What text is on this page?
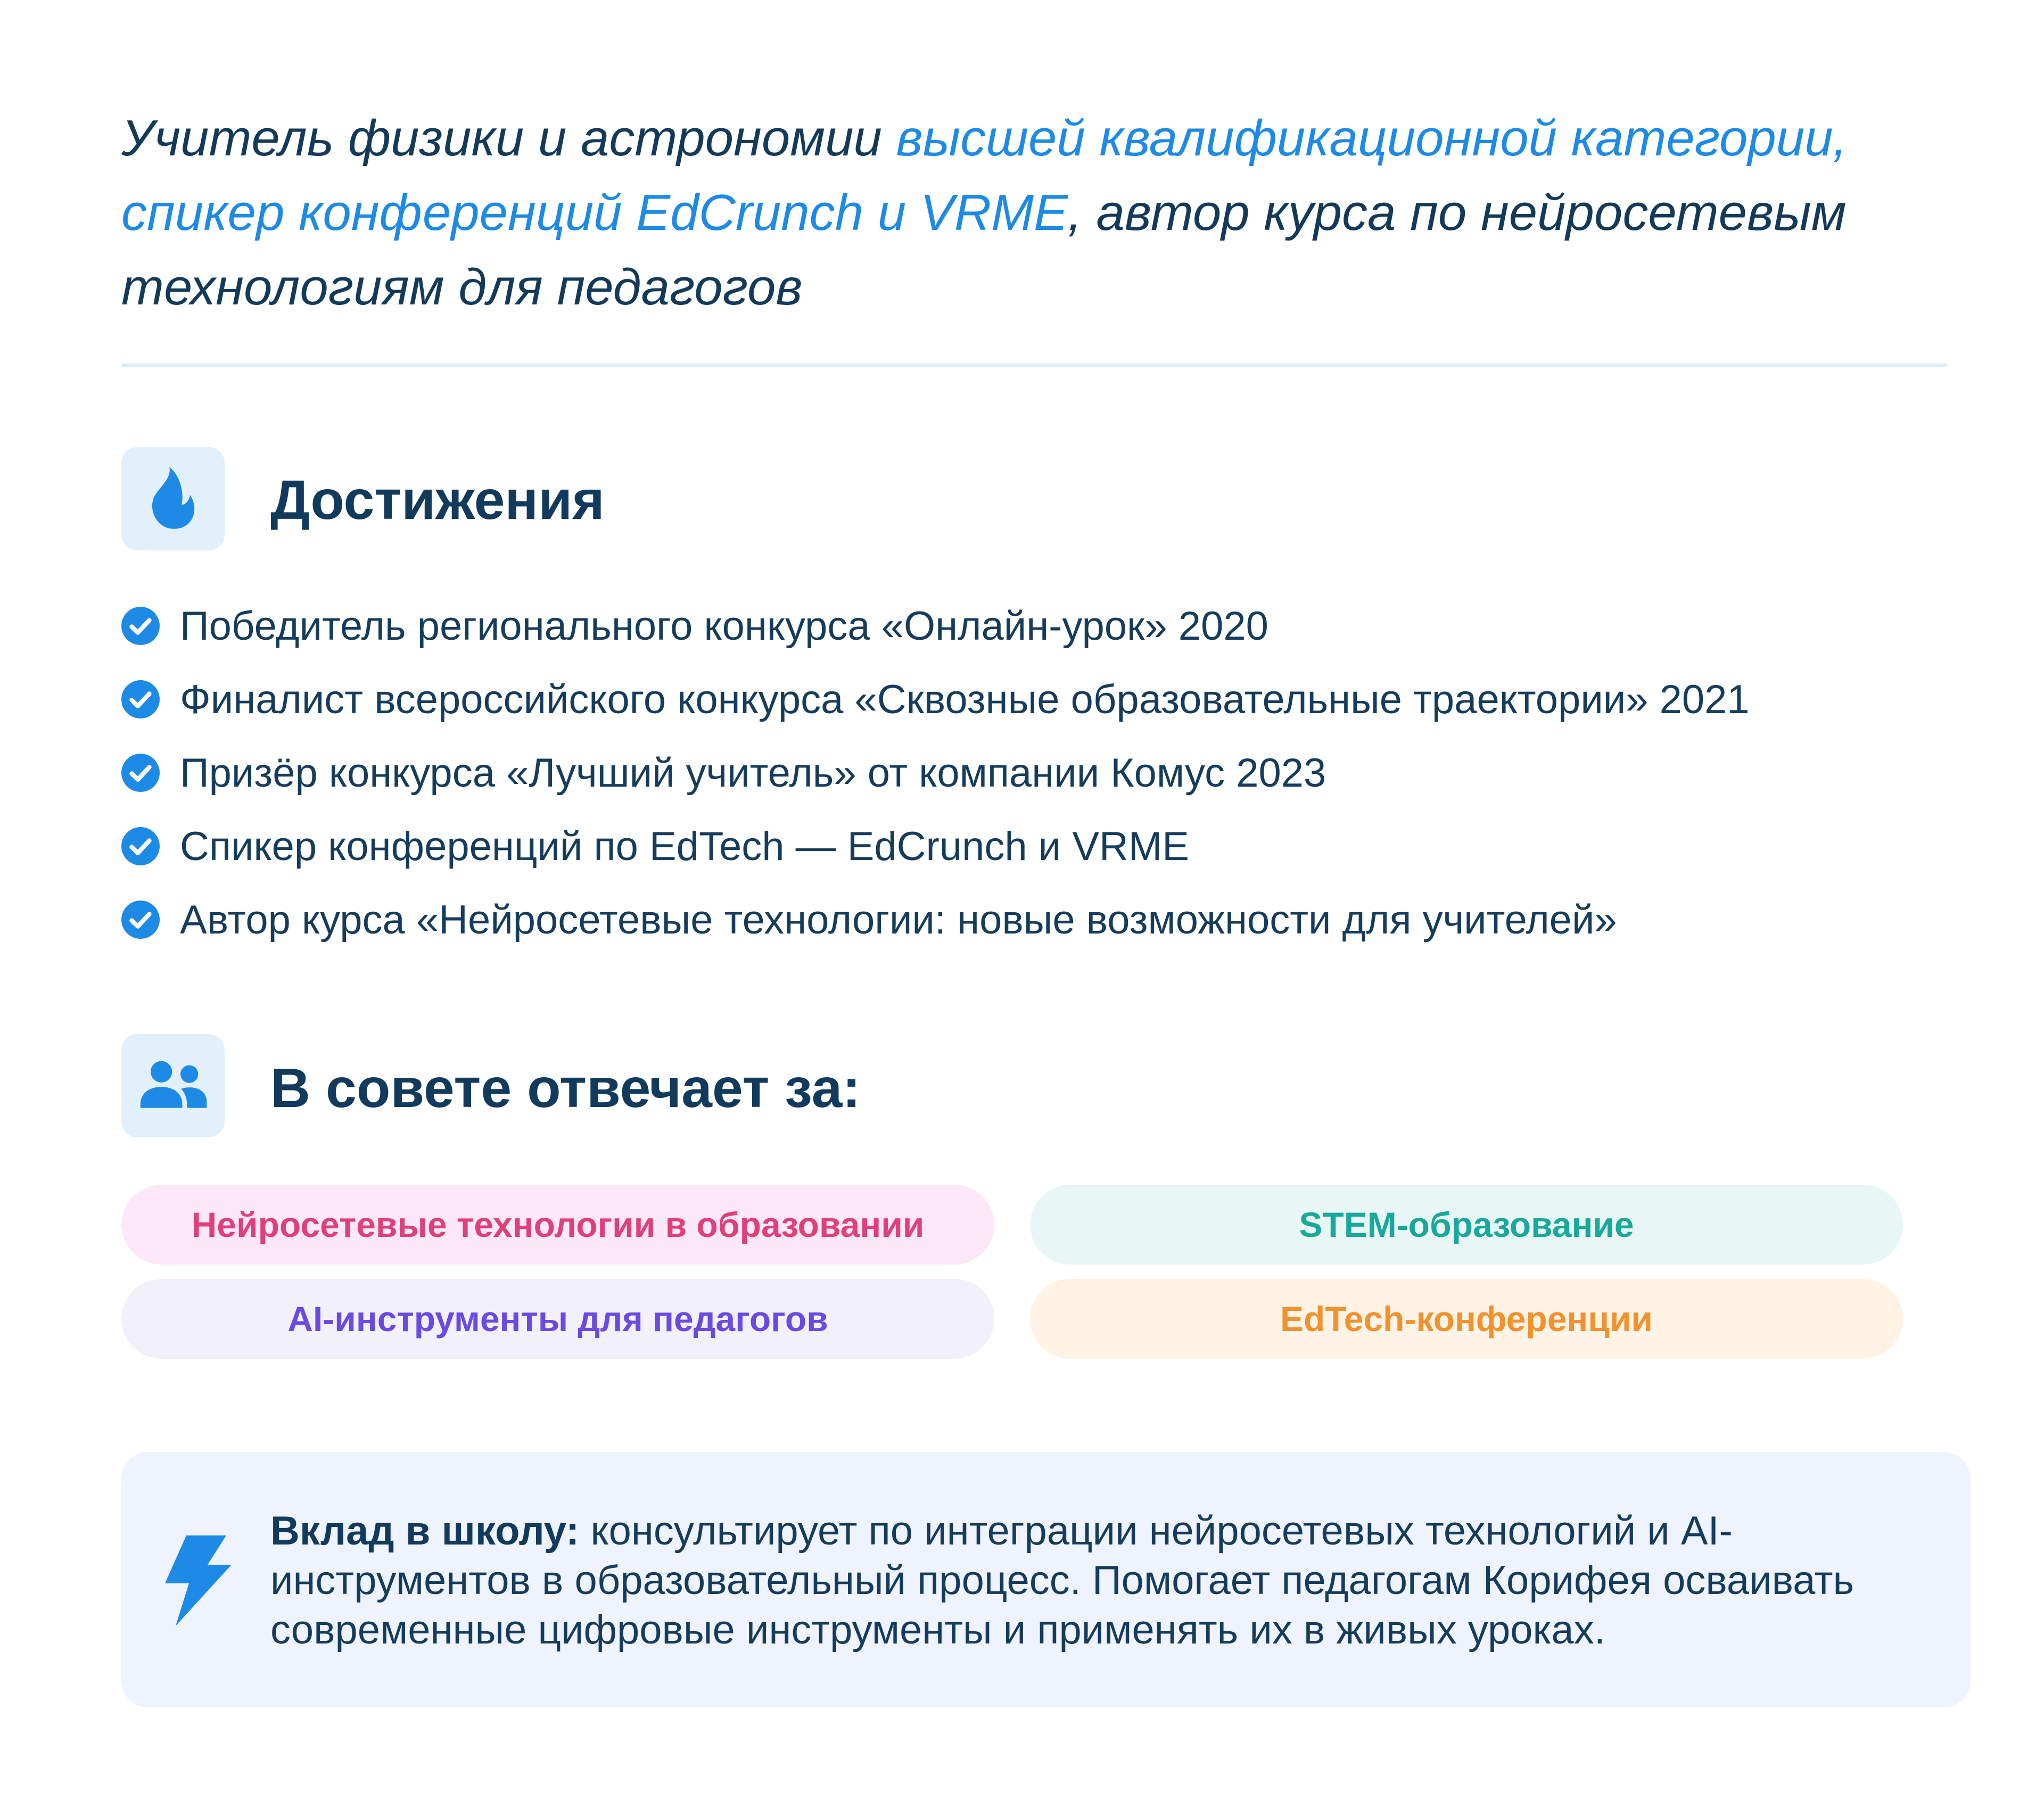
Учитель физики и астрономии высшей квалификационной категории, спикер конференций EdCrunch и VRME, автор курса по нейросетевым технологиям для педагогов
Достижения
Победитель регионального конкурса «Онлайн-урок» 2020
Финалист всероссийского конкурса «Сквозные образовательные траектории» 2021
Призёр конкурса «Лучший учитель» от компании Комус 2023
Спикер конференций по EdTech — EdCrunch и VRME
Автор курса «Нейросетевые технологии: новые возможности для учителей»
В совете отвечает за:
Нейросетевые технологии в образовании	STEM-образование
AI-инструменты для педагогов	EdTech-конференции
Вклад в школу: консультирует по интеграции нейросетевых технологий и AI-инструментов в образовательный процесс. Помогает педагогам Корифея осваивать современные цифровые инструменты и применять их в живых уроках.
